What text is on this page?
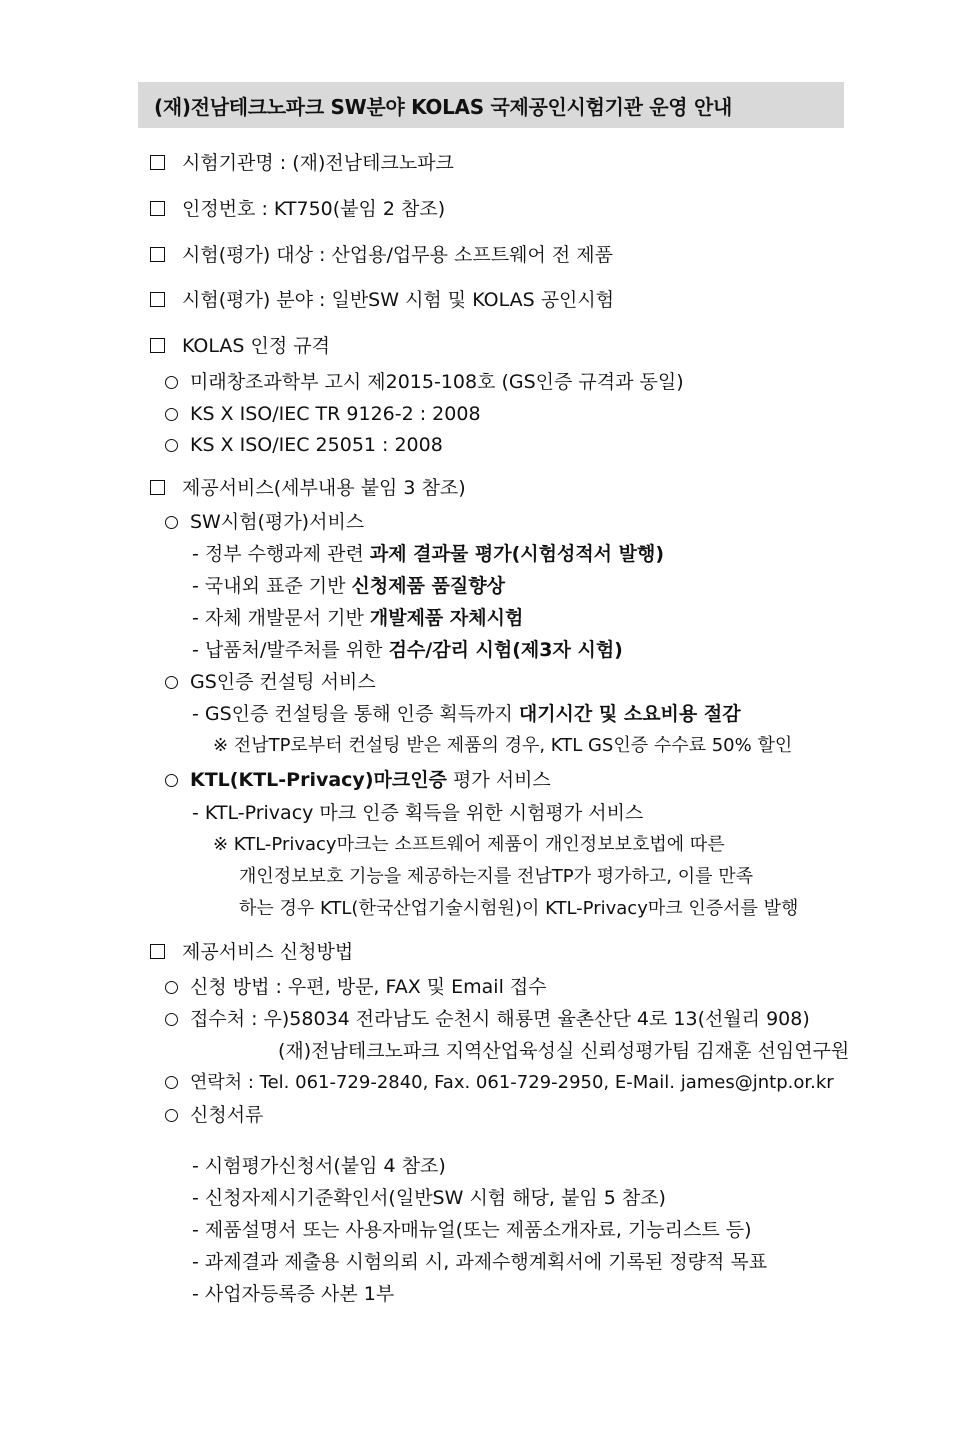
(재)전남테크노파크 SW분야 KOLAS 국제공인시험기관 운영 안내
시험기관명 : (재)전남테크노파크
인정번호 : KT750(붙임 2 참조)
시험(평가) 대상 : 산업용/업무용 소프트웨어 전 제품
시험(평가) 분야 : 일반SW 시험 및 KOLAS 공인시험
KOLAS 인정 규격
미래창조과학부 고시 제2015-108호 (GS인증 규격과 동일)
KS X ISO/IEC TR 9126-2 : 2008
KS X ISO/IEC 25051 : 2008
제공서비스(세부내용 붙임 3 참조)
SW시험(평가)서비스
- 정부 수행과제 관련 과제 결과물 평가(시험성적서 발행)
- 국내외 표준 기반 신청제품 품질향상
- 자체 개발문서 기반 개발제품 자체시험
- 납품처/발주처를 위한 검수/감리 시험(제3자 시험)
GS인증 컨설팅 서비스
- GS인증 컨설팅을 통해 인증 획득까지 대기시간 및 소요비용 절감
※ 전남TP로부터 컨설팅 받은 제품의 경우, KTL GS인증 수수료 50% 할인
KTL(KTL-Privacy)마크인증 평가 서비스
- KTL-Privacy 마크 인증 획득을 위한 시험평가 서비스
※ KTL-Privacy마크는 소프트웨어 제품이 개인정보보호법에 따른
개인정보보호 기능을 제공하는지를 전남TP가 평가하고, 이를 만족
하는 경우 KTL(한국산업기술시험원)이 KTL-Privacy마크 인증서를 발행
제공서비스 신청방법
신청 방법 : 우편, 방문, FAX 및 Email 접수
접수처 : 우)58034 전라남도 순천시 해룡면 율촌산단 4로 13(선월리 908)
(재)전남테크노파크 지역산업육성실 신뢰성평가팀 김재훈 선임연구원
연락처 : Tel. 061-729-2840, Fax. 061-729-2950, E-Mail. james@jntp.or.kr
신청서류
- 시험평가신청서(붙임 4 참조)
- 신청자제시기준확인서(일반SW 시험 해당, 붙임 5 참조)
- 제품설명서 또는 사용자매뉴얼(또는 제품소개자료, 기능리스트 등)
- 과제결과 제출용 시험의뢰 시, 과제수행계획서에 기록된 정량적 목표
- 사업자등록증 사본 1부
